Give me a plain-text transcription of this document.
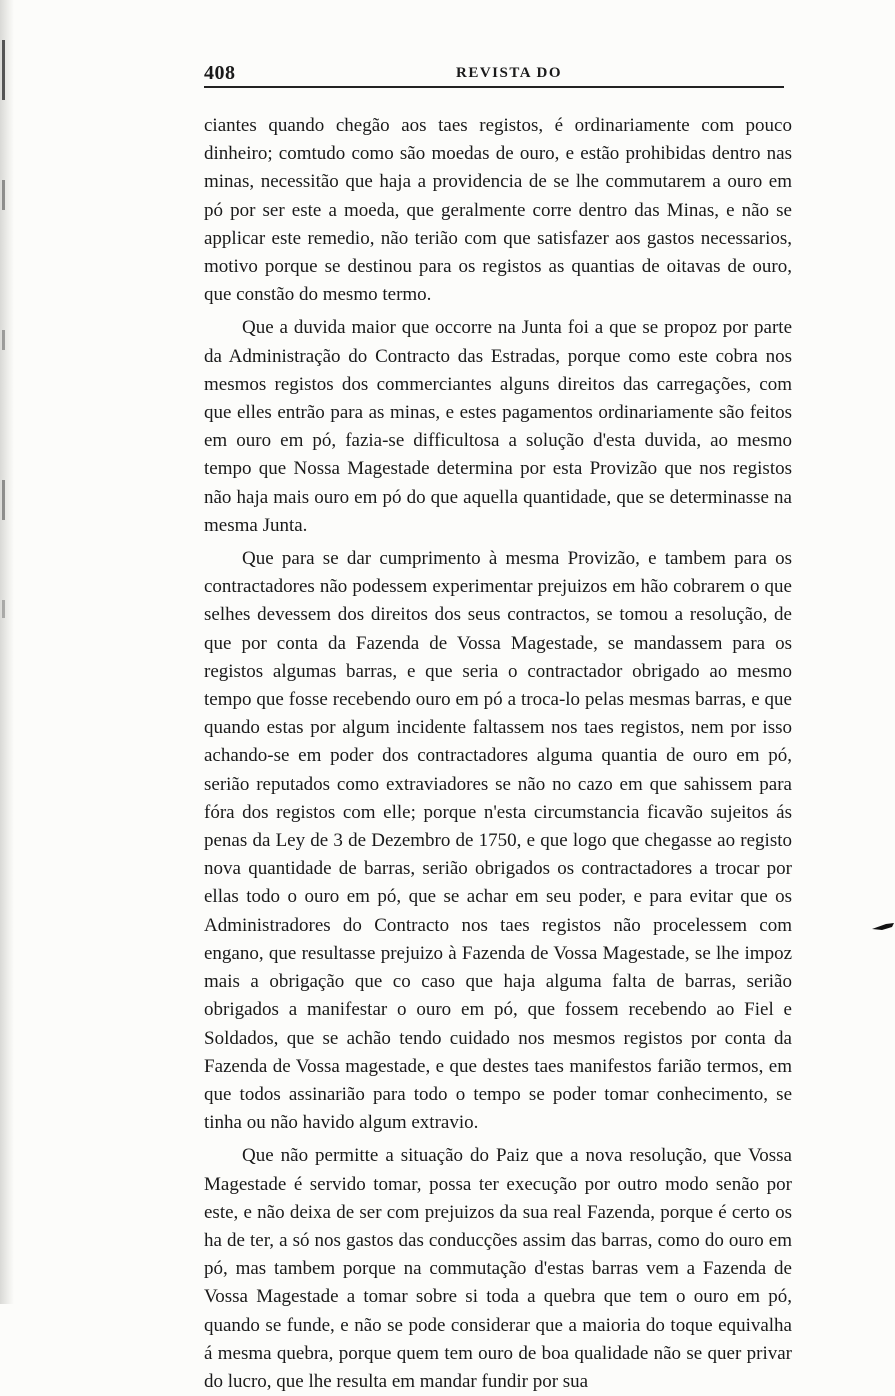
408	REVISTA DO

ciantes quando chegão aos taes registos, é ordinariamente com pouco dinheiro; comtudo como são moedas de ouro, e estão prohibidas dentro nas minas, necessitão que haja a providencia de se lhe commutarem a ouro em pó por ser este a moeda, que geralmente corre dentro das Minas, e não se applicar este remedio, não terião com que satisfazer aos gastos necessarios, motivo porque se destinou para os registos as quantias de oitavas de ouro, que constão do mesmo termo.

Que a duvida maior que occorre na Junta foi a que se propoz por parte da Administração do Contracto das Estradas, porque como este cobra nos mesmos registos dos commerciantes alguns direitos das carregações, com que elles entrão para as minas, e estes pagamentos ordinariamente são feitos em ouro em pó, fazia-se difficultosa a solução d'esta duvida, ao mesmo tempo que Nossa Magestade determina por esta Provizão que nos registos não haja mais ouro em pó do que aquella quantidade, que se determinasse na mesma Junta.

Que para se dar cumprimento à mesma Provizão, e tambem para os contractadores não podessem experimentar prejuizos em hão cobrarem o que selhes devessem dos direitos dos seus contractos, se tomou a resolução, de que por conta da Fazenda de Vossa Magestade, se mandassem para os registos algumas barras, e que seria o contractador obrigado ao mesmo tempo que fosse recebendo ouro em pó a troca-lo pelas mesmas barras, e que quando estas por algum incidente faltassem nos taes registos, nem por isso achando-se em poder dos contractadores alguma quantia de ouro em pó, serião reputados como extraviadores se não no cazo em que sahissem para fóra dos registos com elle; porque n'esta circumstancia ficavão sujeitos ás penas da Ley de 3 de Dezembro de 1750, e que logo que chegasse ao registo nova quantidade de barras, serião obrigados os contractadores a trocar por ellas todo o ouro em pó, que se achar em seu poder, e para evitar que os Administradores do Contracto nos taes registos não procelessem com engano, que resultasse prejuizo à Fazenda de Vossa Magestade, se lhe impoz mais a obrigação que co caso que haja alguma falta de barras, serião obrigados a manifestar o ouro em pó, que fossem recebendo ao Fiel e Soldados, que se achão tendo cuidado nos mesmos registos por conta da Fazenda de Vossa magestade, e que destes taes manifestos farião termos, em que todos assinarião para todo o tempo se poder tomar conhecimento, se tinha ou não havido algum extravio.

Que não permitte a situação do Paiz que a nova resolução, que Vossa Magestade é servido tomar, possa ter execução por outro modo senão por este, e não deixa de ser com prejuizos da sua real Fazenda, porque é certo os ha de ter, a só nos gastos das conducções assim das barras, como do ouro em pó, mas tambem porque na commutação d'estas barras vem a Fazenda de Vossa Magestade a tomar sobre si toda a quebra que tem o ouro em pó, quando se funde, e não se pode considerar que a maioria do toque equivalha á mesma quebra, porque quem tem ouro de boa qualidade não se quer privar do lucro, que lhe resulta em mandar fundir por sua
